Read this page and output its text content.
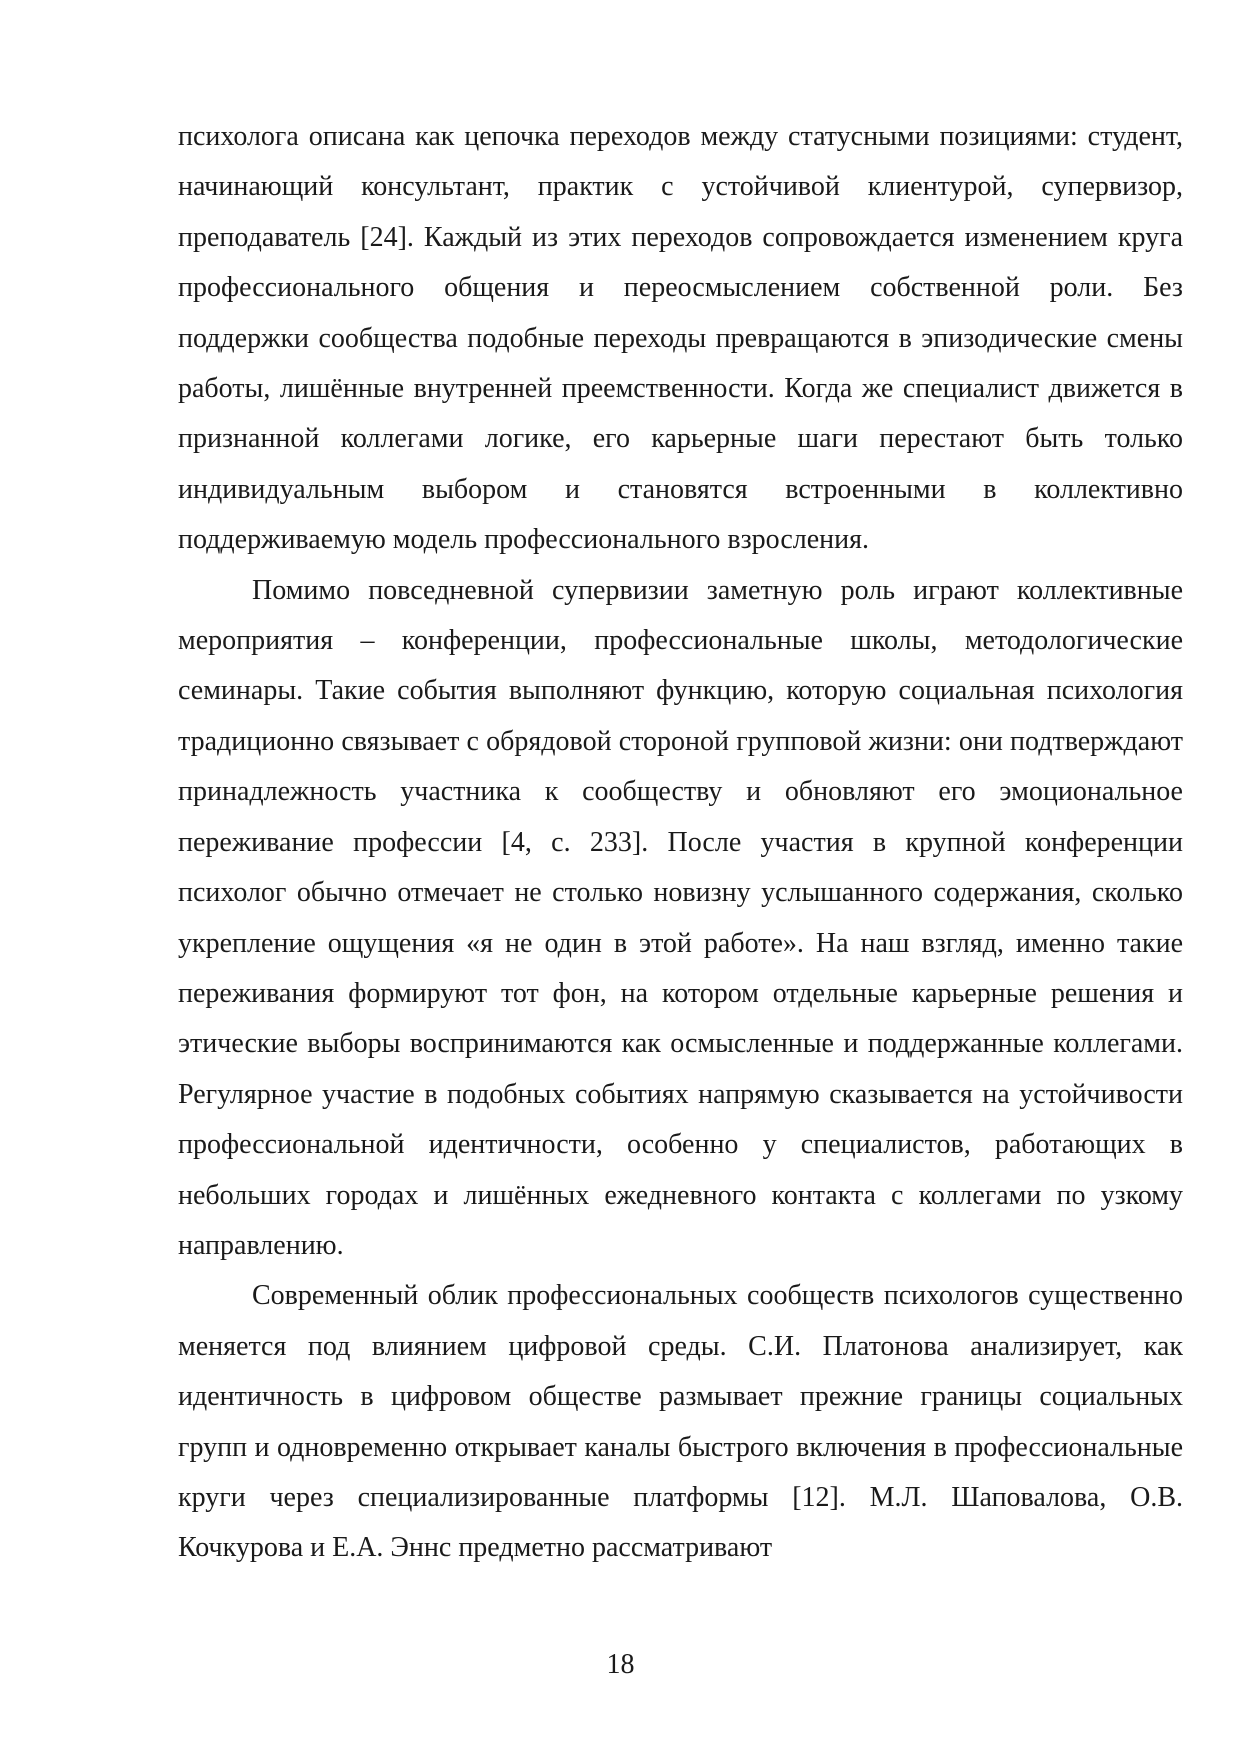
психолога описана как цепочка переходов между статусными позициями: студент, начинающий консультант, практик с устойчивой клиентурой, супервизор, преподаватель [24]. Каждый из этих переходов сопровождается изменением круга профессионального общения и переосмыслением собственной роли. Без поддержки сообщества подобные переходы превращаются в эпизодические смены работы, лишённые внутренней преемственности. Когда же специалист движется в признанной коллегами логике, его карьерные шаги перестают быть только индивидуальным выбором и становятся встроенными в коллективно поддерживаемую модель профессионального взросления.

Помимо повседневной супервизии заметную роль играют коллективные мероприятия – конференции, профессиональные школы, методологические семинары. Такие события выполняют функцию, которую социальная психология традиционно связывает с обрядовой стороной групповой жизни: они подтверждают принадлежность участника к сообществу и обновляют его эмоциональное переживание профессии [4, с. 233]. После участия в крупной конференции психолог обычно отмечает не столько новизну услышанного содержания, сколько укрепление ощущения «я не один в этой работе». На наш взгляд, именно такие переживания формируют тот фон, на котором отдельные карьерные решения и этические выборы воспринимаются как осмысленные и поддержанные коллегами. Регулярное участие в подобных событиях напрямую сказывается на устойчивости профессиональной идентичности, особенно у специалистов, работающих в небольших городах и лишённых ежедневного контакта с коллегами по узкому направлению.

Современный облик профессиональных сообществ психологов существенно меняется под влиянием цифровой среды. С.И. Платонова анализирует, как идентичность в цифровом обществе размывает прежние границы социальных групп и одновременно открывает каналы быстрого включения в профессиональные круги через специализированные платформы [12]. М.Л. Шаповалова, О.В. Кочкурова и Е.А. Эннс предметно рассматривают

18
